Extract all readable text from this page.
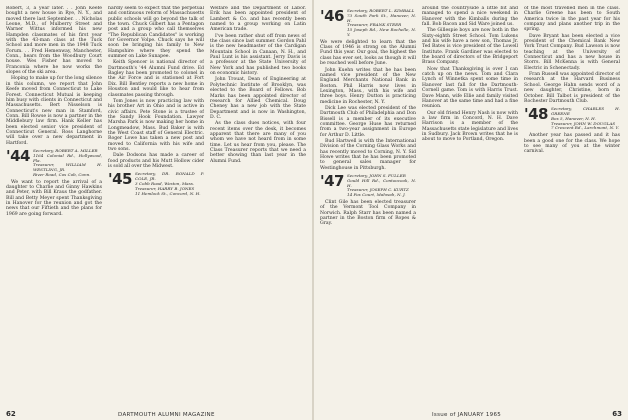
Robert, 3, a year later. . . John Keefe bought a new house in Rye, N. Y., and moved there last September. . . Nicholas Leone, M.D., of Mulberry Street and Warner Wittus informed his new Hampden classmates of his first year with the 43-man class at the Tuck School and more men in the 1948 Tuck Forum. . . Fred Hemenway, Manchester, Conn., hears from the Woodbury Court house. Wes Fisher has moved to Franconia where he now works the slopes of the ski area.

Hoping to make up for the long silence in this column, we report that John Keefe moved from Connecticut to Lake Forest. Connecticut Mutual is keeping him busy with clients in Connecticut and Massachusetts. Bert Nisselson is Connecticut's new man in Stamford, Conn. Bill Rowse is now a partner in the Middlebury law firm. Hank Keller has been elected senior vice president of Connecticut General. Ross Langhorne will take over a new department in Hartford.

'44 Secretary, ROBERT A. MILLER
1164 Colonial Rd., Hollywood, Fla.
Treasurer, WILLIAM H. WESTLING, JR.
River Road, Cos Cob, Conn.

We want to report the arrival of a daughter to Charlie and Ginny Hawkins and Peter, with Bill Kraus the godfather. Bill and Betty Meyer spent Thanksgiving in Hanover for the reunion and got the news that our Fiftieth and the plans for 1969 are going forward.

hardly seem to expect that the perpetual and continuous reform of Massachusetts public schools will go beyond the talk of the town. Chuck Gilbert has a Pentagon post and a group who call themselves "The Republican Candidates" is working for Governor Volpe. Chuck says he will soon be bringing his family to New Hampshire where they spend the summer on Lake Sunapee.

Keith Spencer is national director of Dartmouth's '44 Alumni Fund drive. Ed Bagley has been promoted to colonel in the Air Force and is stationed at Fort Dix. Bill Bentley reports a new home in Houston and would like to hear from classmates passing through.

Tom Jones is now practicing law with his brother Art in Ohio and is active in civic affairs. Pete Stone is a trustee of the Sandy Hook Foundation. Lawyer Marsha Park is now making her home in Longmeadow, Mass. Bud Baker is with the West Coast staff of General Electric. Roger Lowe has taken a new post and moved to California with his wife and two sons.

Dale Dodsons has made a career of food products and his Mutt Hollow cider is sold all over the Midwest.

'45 Secretary, DR. RONALD P. COLE, JR.
3 Cobb Road, Weston, Mass.
Treasurer, HARRY B. JONES
11 Hemlock St., Concord, N. H.

Welfare and the Department of Labor. Erik has been appointed president of Lambert & Co. and has recently been named to a group working on Latin American trade.

I've been rather shut off from news of the class since last summer. Gordon Pahl is the new headmaster of the Cardigan Mountain School in Canaan, N. H., and Paul Lunt is his assistant. Jerry Davis is a professor at the State University of New York and has published two books on economic history.

John Trouat, Dean of Engineering at Polytechnic Institute of Brooklyn, was elected to the Board of Fellows. Bob Marks has been appointed director of research for Allied Chemical. Doug Cheney has a new job with the State Department and is now in Washington, D. C.

As the class dues notices, with four recent items over the desk, it becomes apparent that there are many of you whom we have not heard from in some time. Let us hear from you, please. The Class Treasurer reports that we need a better showing than last year in the Alumni Fund.

62	DARTMOUTH ALUMNI MAGAZINE
'46 Secretary, ROBERT L. KIMBALL
73 South Park St., Hanover, N. H.
Treasurer, FRANK STEER
15 Joseph Rd., New Rochelle, N. Y.

We were delighted to learn that the Class of 1946 is strong on the Alumni Fund this year. Our goal, the highest the class has ever set, looks as though it will be reached well before June.

John Kuehn writes that he has been named vice president of the New England Merchants National Bank in Boston. Phil Harris now lives in Lexington, Mass., with his wife and three boys. Henry Dutton is practicing medicine in Rochester, N. Y.

Dick Lee was elected president of the Dartmouth Club of Philadelphia and Don Bissell is a member of its executive committee. George Huse has returned from a two-year assignment in Europe for Arthur D. Little.

Bud Hartwell is with the International Division of the Corning Glass Works and has recently moved to Corning, N. Y. Sid Howe writes that he has been promoted to general sales manager for Westinghouse in Pittsburgh.

'47 Secretary, JOHN S. FULLER
Gould Hill Rd., Contoocook, N. H.
Treasurer, JOSEPH C. KURTZ
14 Fox Court, Mahwah, N. J.

Clint Gile has been elected treasurer of the Vermont Tool Company in Norwich. Ralph Starr has been named a partner in the Boston firm of Ropes & Gray.

around the countryside a little bit and managed to spend a nice weekend in Hanover with the Kimballs during the fall. Bob Bacon and Sid Ware joined us.

The Gillespie boys are now both in the Sixty-eighth Street School. Tom Lukens and his wife have a new son, Thomas Jr. Ted Bates is vice president of the Lowell Institute. Frank Gardiner was elected to the board of directors of the Bridgeport Brass Company.

Now that Thanksgiving is over I can catch up on the news. Tom and Clara Lynch of Winnetka spent some time in Hanover last fall for the Dartmouth-Cornell game. Tom is with Harris Trust. Dave Mann, wife Ellie and family visited Hanover at the same time and had a fine reunion.

Our old friend Henry Nash is now with a law firm in Concord, N. H. Dave Harrison is a member of the Massachusetts state legislature and lives in Sudbury. Jack Brown writes that he is about to move to Portland, Oregon.

of the most travelled men in the class. Charlie Greene has been to South America twice in the past year for his company and plans another trip in the spring.

Dave Bryant has been elected a vice president of the Chemical Bank New York Trust Company. Bud Lawson is now teaching at the University of Connecticut and has a new house in Storrs. Bill McKenna is with General Electric in Schenectady.

Fran Russell was appointed director of research at the Harvard Business School. George Hahn sends word of a new daughter, Christine, born in October. Bill Talbot is president of the Rochester Dartmouth Club.

'48 Secretary, CHARLES H. GREENE
Box 5, Hanover, N. H.
Treasurer, JOHN W. DOUGLAS
7 Crescent Rd., Larchmont, N. Y.

Another year has passed and it has been a good one for the class. We hope to see many of you at the winter carnival.

Issue of JANUARY 1965	63
